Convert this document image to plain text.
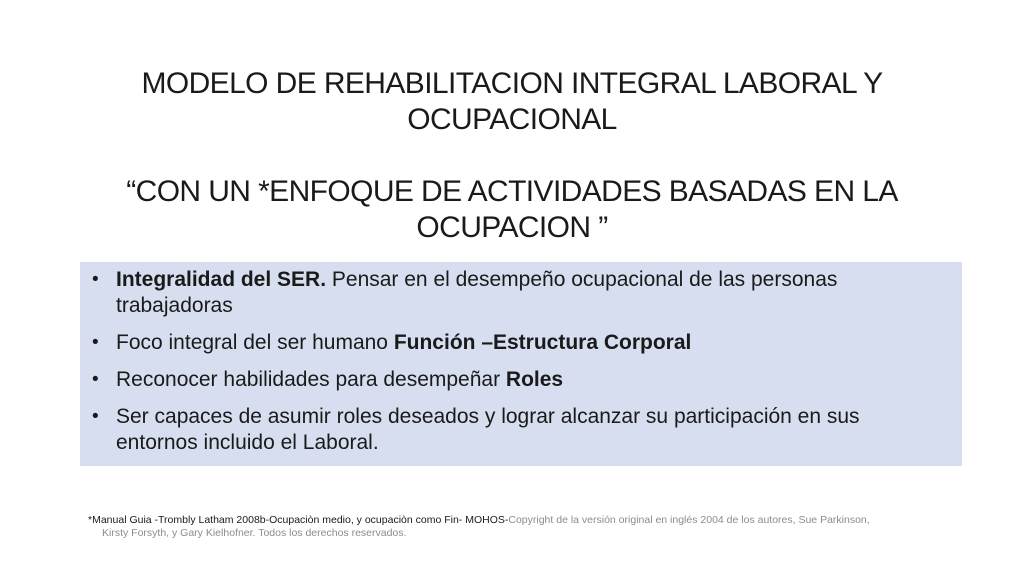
MODELO DE REHABILITACION INTEGRAL LABORAL Y
OCUPACIONAL
“CON UN *ENFOQUE DE ACTIVIDADES BASADAS EN LA
OCUPACION ”
• Integralidad del SER. Pensar en el desempeño ocupacional de las personas trabajadoras
• Foco integral del ser humano Función –Estructura Corporal
• Reconocer habilidades para desempeñar Roles
• Ser capaces de asumir roles deseados y lograr alcanzar su participación en sus entornos incluido el Laboral.
*Manual Guia -Trombly Latham 2008b-Ocupaciòn medio, y ocupaciòn como Fin- MOHOS-Copyright de la versión original en inglés 2004 de los autores, Sue Parkinson,
Kirsty Forsyth, y Gary Kielhofner. Todos los derechos reservados.
